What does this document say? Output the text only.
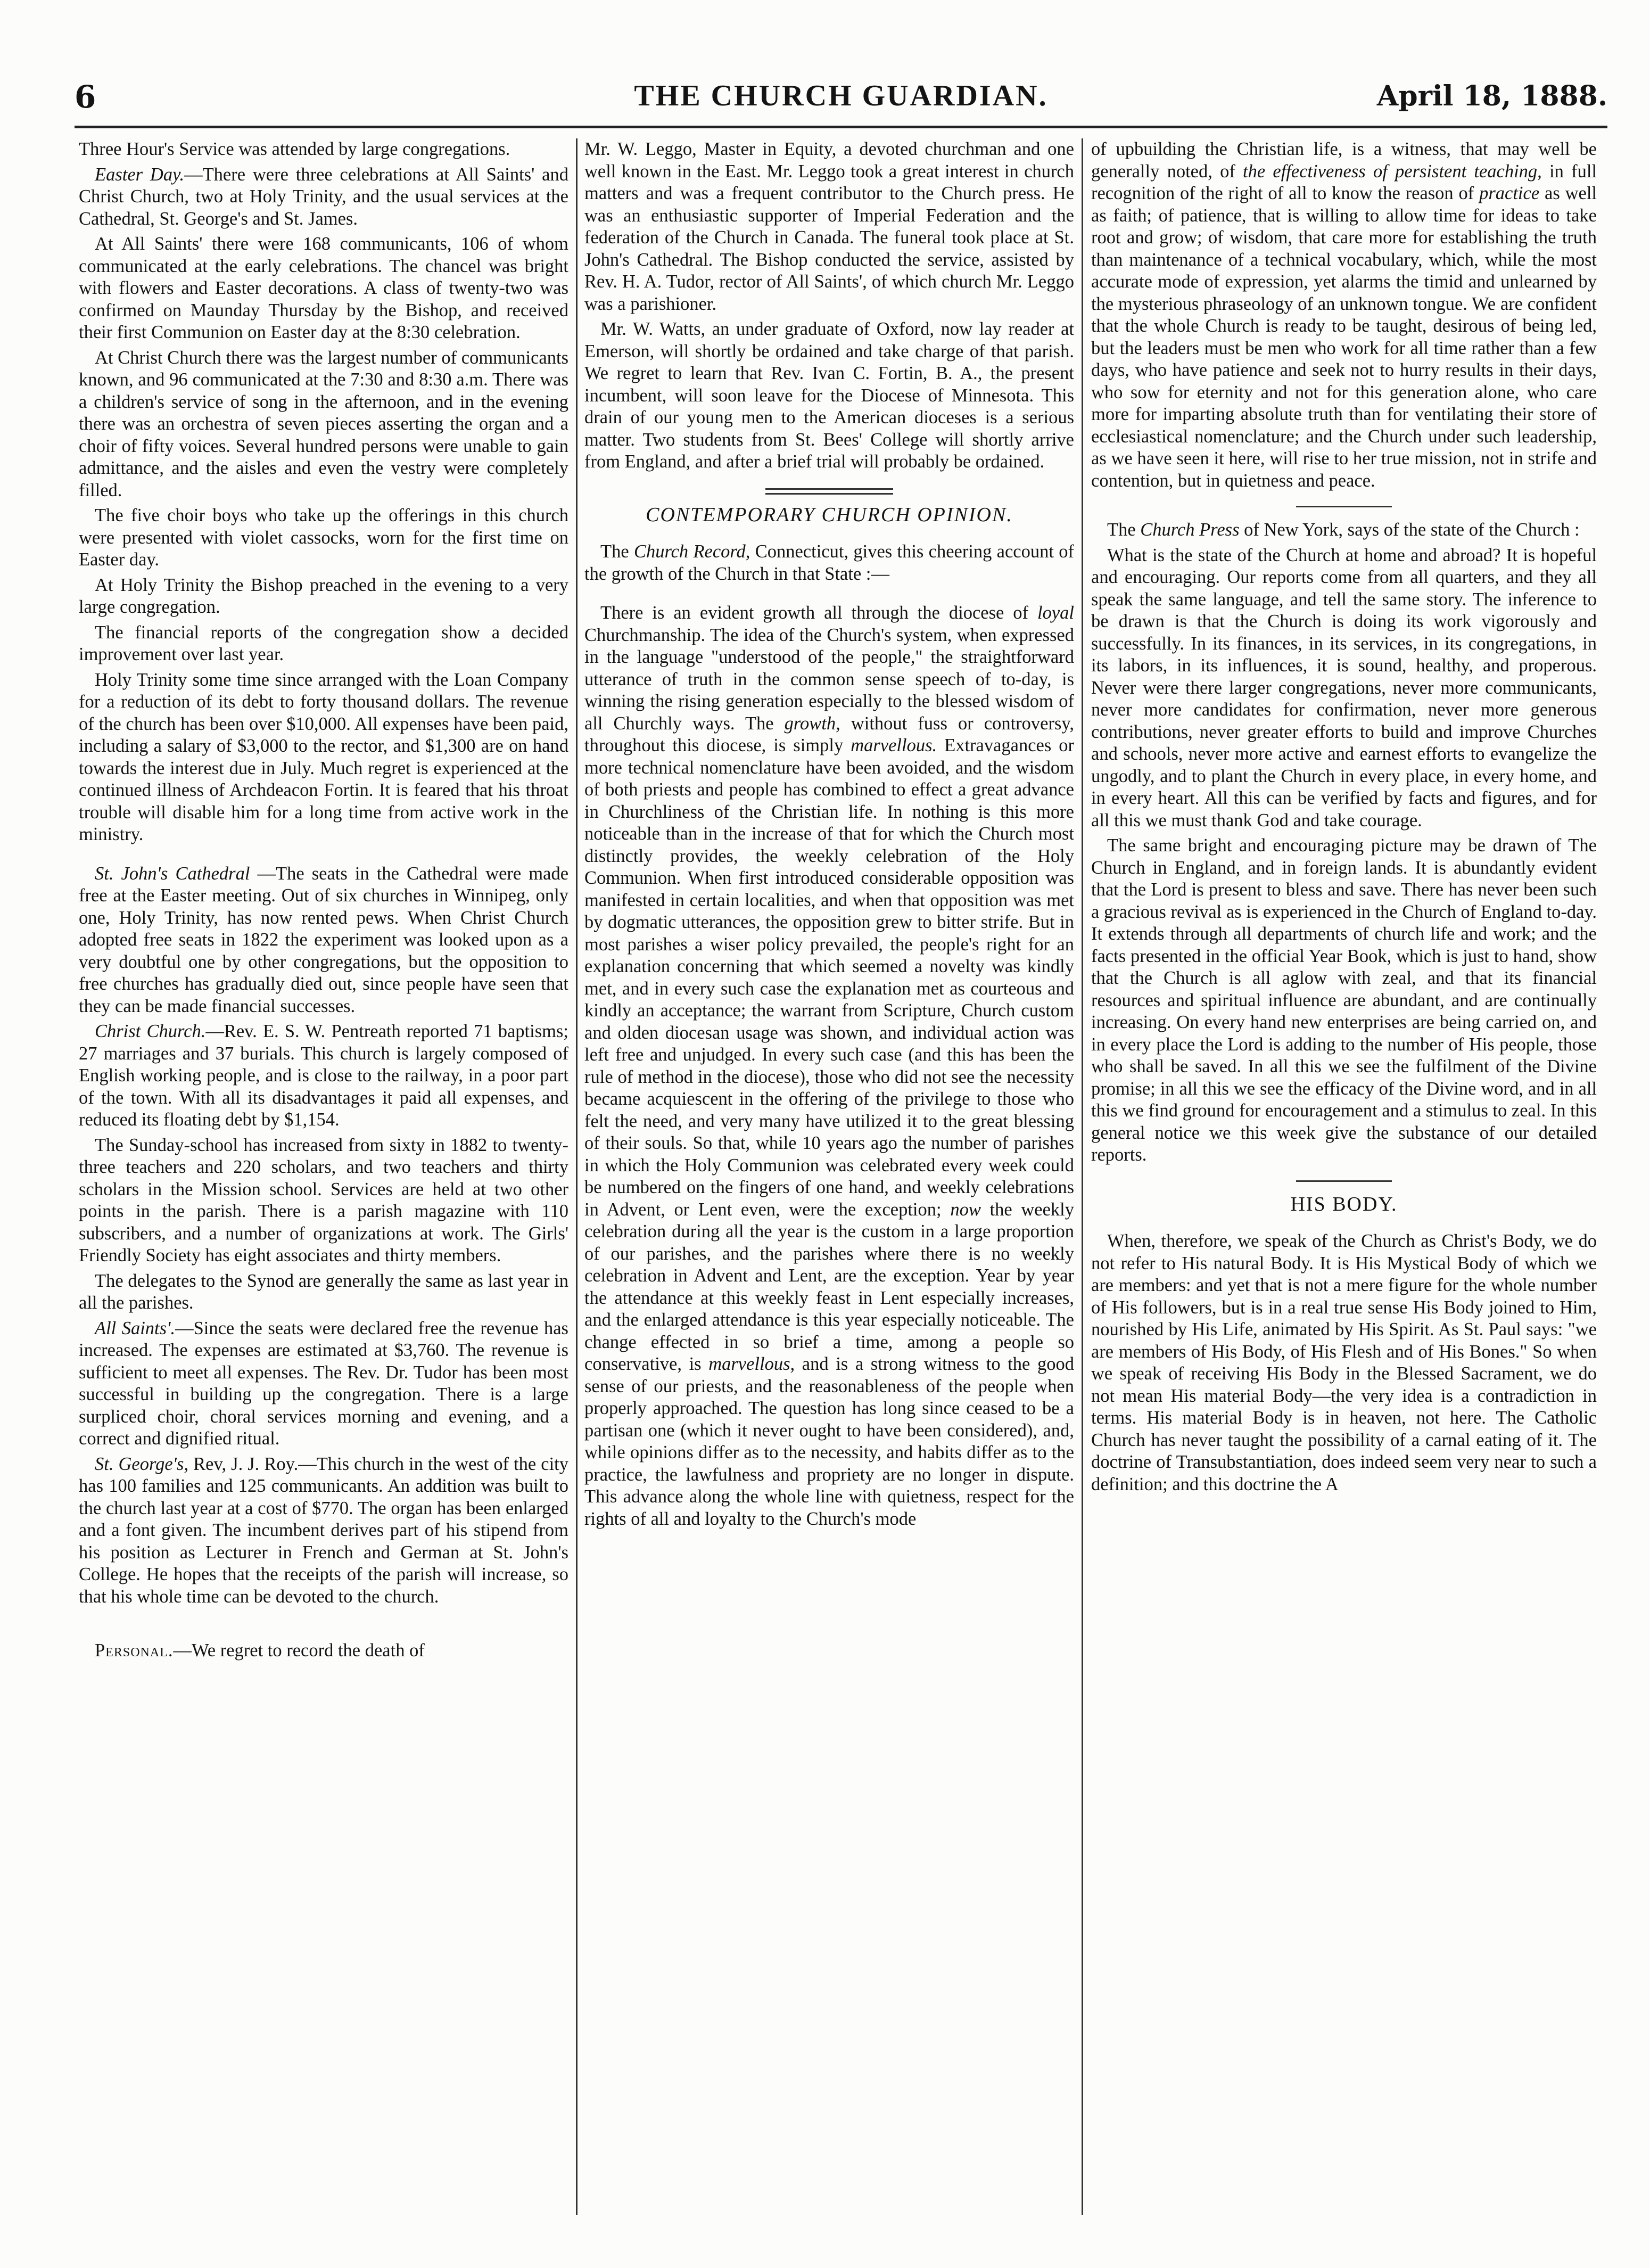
6	THE CHURCH GUARDIAN.	April 18, 1888.

Three Hour's Service was attended by large congregations.

Easter Day.—There were three celebrations at All Saints' and Christ Church, two at Holy Trinity, and the usual services at the Cathedral, St. George's and St. James.

At All Saints' there were 168 communicants, 106 of whom communicated at the early celebrations. The chancel was bright with flowers and Easter decorations. A class of twenty-two was confirmed on Maunday Thursday by the Bishop, and received their first Communion on Easter day at the 8:30 celebration.

At Christ Church there was the largest number of communicants known, and 96 communicated at the 7:30 and 8:30 a.m. There was a children's service of song in the afternoon, and in the evening there was an orchestra of seven pieces asserting the organ and a choir of fifty voices. Several hundred persons were unable to gain admittance, and the aisles and even the vestry were completely filled.

The five choir boys who take up the offerings in this church were presented with violet cassocks, worn for the first time on Easter day.

At Holy Trinity the Bishop preached in the evening to a very large congregation.

The financial reports of the congregation show a decided improvement over last year.

Holy Trinity some time since arranged with the Loan Company for a reduction of its debt to forty thousand dollars. The revenue of the church has been over $10,000. All expenses have been paid, including a salary of $3,000 to the rector, and $1,300 are on hand towards the interest due in July. Much regret is experienced at the continued illness of Archdeacon Fortin. It is feared that his throat trouble will disable him for a long time from active work in the ministry.

St. John's Cathedral —The seats in the Cathedral were made free at the Easter meeting. Out of six churches in Winnipeg, only one, Holy Trinity, has now rented pews. When Christ Church adopted free seats in 1822 the experiment was looked upon as a very doubtful one by other congregations, but the opposition to free churches has gradually died out, since people have seen that they can be made financial successes.

Christ Church.—Rev. E. S. W. Pentreath reported 71 baptisms; 27 marriages and 37 burials. This church is largely composed of English working people, and is close to the railway, in a poor part of the town. With all its disadvantages it paid all expenses, and reduced its floating debt by $1,154.

The Sunday-school has increased from sixty in 1882 to twenty-three teachers and 220 scholars, and two teachers and thirty scholars in the Mission school. Services are held at two other points in the parish. There is a parish magazine with 110 subscribers, and a number of organizations at work. The Girls' Friendly Society has eight associates and thirty members.

The delegates to the Synod are generally the same as last year in all the parishes.

All Saints'.—Since the seats were declared free the revenue has increased. The expenses are estimated at $3,760. The revenue is sufficient to meet all expenses. The Rev. Dr. Tudor has been most successful in building up the congregation. There is a large surpliced choir, choral services morning and evening, and a correct and dignified ritual.

St. George's, Rev, J. J. Roy.—This church in the west of the city has 100 families and 125 communicants. An addition was built to the church last year at a cost of $770. The organ has been enlarged and a font given. The incumbent derives part of his stipend from his position as Lecturer in French and German at St. John's College. He hopes that the receipts of the parish will increase, so that his whole time can be devoted to the church.

Personal.—We regret to record the death of

Mr. W. Leggo, Master in Equity, a devoted churchman and one well known in the East. Mr. Leggo took a great interest in church matters and was a frequent contributor to the Church press. He was an enthusiastic supporter of Imperial Federation and the federation of the Church in Canada. The funeral took place at St. John's Cathedral. The Bishop conducted the service, assisted by Rev. H. A. Tudor, rector of All Saints', of which church Mr. Leggo was a parishioner.

Mr. W. Watts, an under graduate of Oxford, now lay reader at Emerson, will shortly be ordained and take charge of that parish. We regret to learn that Rev. Ivan C. Fortin, B. A., the present incumbent, will soon leave for the Diocese of Minnesota. This drain of our young men to the American dioceses is a serious matter. Two students from St. Bees' College will shortly arrive from England, and after a brief trial will probably be ordained.

CONTEMPORARY CHURCH OPINION.

The Church Record, Connecticut, gives this cheering account of the growth of the Church in that State :—

There is an evident growth all through the diocese of loyal Churchmanship. The idea of the Church's system, when expressed in the language "understood of the people," the straightforward utterance of truth in the common sense speech of to-day, is winning the rising generation especially to the blessed wisdom of all Churchly ways. The growth, without fuss or controversy, throughout this diocese, is simply marvellous. Extravagances or more technical nomenclature have been avoided, and the wisdom of both priests and people has combined to effect a great advance in Churchliness of the Christian life. In nothing is this more noticeable than in the increase of that for which the Church most distinctly provides, the weekly celebration of the Holy Communion. When first introduced considerable opposition was manifested in certain localities, and when that opposition was met by dogmatic utterances, the opposition grew to bitter strife. But in most parishes a wiser policy prevailed, the people's right for an explanation concerning that which seemed a novelty was kindly met, and in every such case the explanation met as courteous and kindly an acceptance; the warrant from Scripture, Church custom and olden diocesan usage was shown, and individual action was left free and unjudged. In every such case (and this has been the rule of method in the diocese), those who did not see the necessity became acquiescent in the offering of the privilege to those who felt the need, and very many have utilized it to the great blessing of their souls. So that, while 10 years ago the number of parishes in which the Holy Communion was celebrated every week could be numbered on the fingers of one hand, and weekly celebrations in Advent, or Lent even, were the exception; now the weekly celebration during all the year is the custom in a large proportion of our parishes, and the parishes where there is no weekly celebration in Advent and Lent, are the exception. Year by year the attendance at this weekly feast in Lent especially increases, and the enlarged attendance is this year especially noticeable. The change effected in so brief a time, among a people so conservative, is marvellous, and is a strong witness to the good sense of our priests, and the reasonableness of the people when properly approached. The question has long since ceased to be a partisan one (which it never ought to have been considered), and, while opinions differ as to the necessity, and habits differ as to the practice, the lawfulness and propriety are no longer in dispute. This advance along the whole line with quietness, respect for the rights of all and loyalty to the Church's mode

of upbuilding the Christian life, is a witness, that may well be generally noted, of the effectiveness of persistent teaching, in full recognition of the right of all to know the reason of practice as well as faith; of patience, that is willing to allow time for ideas to take root and grow; of wisdom, that care more for establishing the truth than maintenance of a technical vocabulary, which, while the most accurate mode of expression, yet alarms the timid and unlearned by the mysterious phraseology of an unknown tongue. We are confident that the whole Church is ready to be taught, desirous of being led, but the leaders must be men who work for all time rather than a few days, who have patience and seek not to hurry results in their days, who sow for eternity and not for this generation alone, who care more for imparting absolute truth than for ventilating their store of ecclesiastical nomenclature; and the Church under such leadership, as we have seen it here, will rise to her true mission, not in strife and contention, but in quietness and peace.

The Church Press of New York, says of the state of the Church :

What is the state of the Church at home and abroad? It is hopeful and encouraging. Our reports come from all quarters, and they all speak the same language, and tell the same story. The inference to be drawn is that the Church is doing its work vigorously and successfully. In its finances, in its services, in its congregations, in its labors, in its influences, it is sound, healthy, and properous. Never were there larger congregations, never more communicants, never more candidates for confirmation, never more generous contributions, never greater efforts to build and improve Churches and schools, never more active and earnest efforts to evangelize the ungodly, and to plant the Church in every place, in every home, and in every heart. All this can be verified by facts and figures, and for all this we must thank God and take courage.

The same bright and encouraging picture may be drawn of The Church in England, and in foreign lands. It is abundantly evident that the Lord is present to bless and save. There has never been such a gracious revival as is experienced in the Church of England to-day. It extends through all departments of church life and work; and the facts presented in the official Year Book, which is just to hand, show that the Church is all aglow with zeal, and that its financial resources and spiritual influence are abundant, and are continually increasing. On every hand new enterprises are being carried on, and in every place the Lord is adding to the number of His people, those who shall be saved. In all this we see the fulfilment of the Divine promise; in all this we see the efficacy of the Divine word, and in all this we find ground for encouragement and a stimulus to zeal. In this general notice we this week give the substance of our detailed reports.

HIS BODY.

When, therefore, we speak of the Church as Christ's Body, we do not refer to His natural Body. It is His Mystical Body of which we are members: and yet that is not a mere figure for the whole number of His followers, but is in a real true sense His Body joined to Him, nourished by His Life, animated by His Spirit. As St. Paul says: "we are members of His Body, of His Flesh and of His Bones." So when we speak of receiving His Body in the Blessed Sacrament, we do not mean His material Body—the very idea is a contradiction in terms. His material Body is in heaven, not here. The Catholic Church has never taught the possibility of a carnal eating of it. The doctrine of Transubstantiation, does indeed seem very near to such a definition; and this doctrine the A
